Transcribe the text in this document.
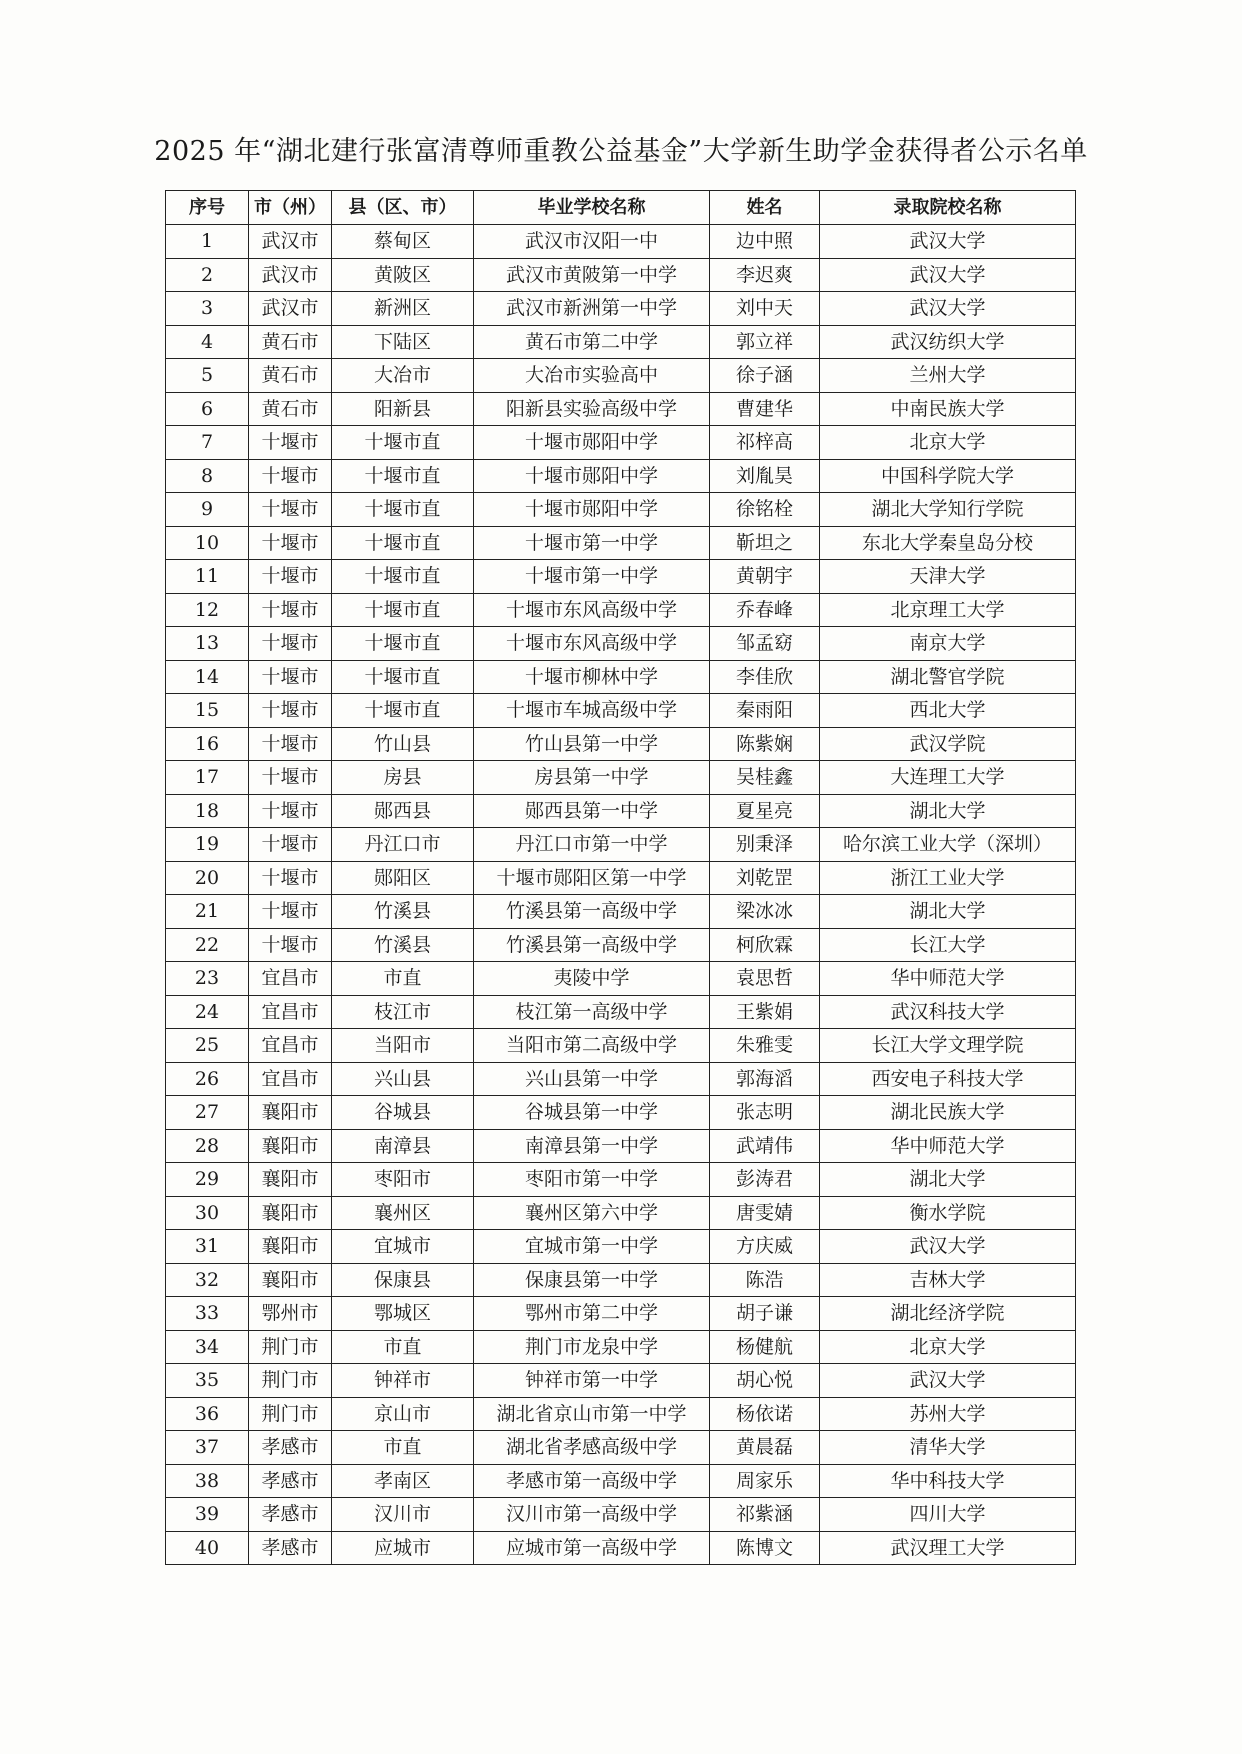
2025 年“湖北建行张富清尊师重教公益基金”大学新生助学金获得者公示名单
序号	市（州）	县（区、市）	毕业学校名称	姓名	录取院校名称
1	武汉市	蔡甸区	武汉市汉阳一中	边中照	武汉大学
2	武汉市	黄陂区	武汉市黄陂第一中学	李迟爽	武汉大学
3	武汉市	新洲区	武汉市新洲第一中学	刘中天	武汉大学
4	黄石市	下陆区	黄石市第二中学	郭立祥	武汉纺织大学
5	黄石市	大冶市	大冶市实验高中	徐子涵	兰州大学
6	黄石市	阳新县	阳新县实验高级中学	曹建华	中南民族大学
7	十堰市	十堰市直	十堰市郧阳中学	祁梓高	北京大学
8	十堰市	十堰市直	十堰市郧阳中学	刘胤昊	中国科学院大学
9	十堰市	十堰市直	十堰市郧阳中学	徐铭栓	湖北大学知行学院
10	十堰市	十堰市直	十堰市第一中学	靳坦之	东北大学秦皇岛分校
11	十堰市	十堰市直	十堰市第一中学	黄朝宇	天津大学
12	十堰市	十堰市直	十堰市东风高级中学	乔春峰	北京理工大学
13	十堰市	十堰市直	十堰市东风高级中学	邹孟窈	南京大学
14	十堰市	十堰市直	十堰市柳林中学	李佳欣	湖北警官学院
15	十堰市	十堰市直	十堰市车城高级中学	秦雨阳	西北大学
16	十堰市	竹山县	竹山县第一中学	陈紫娴	武汉学院
17	十堰市	房县	房县第一中学	吴桂鑫	大连理工大学
18	十堰市	郧西县	郧西县第一中学	夏星亮	湖北大学
19	十堰市	丹江口市	丹江口市第一中学	别秉泽	哈尔滨工业大学（深圳）
20	十堰市	郧阳区	十堰市郧阳区第一中学	刘乾罡	浙江工业大学
21	十堰市	竹溪县	竹溪县第一高级中学	梁冰冰	湖北大学
22	十堰市	竹溪县	竹溪县第一高级中学	柯欣霖	长江大学
23	宜昌市	市直	夷陵中学	袁思哲	华中师范大学
24	宜昌市	枝江市	枝江第一高级中学	王紫娟	武汉科技大学
25	宜昌市	当阳市	当阳市第二高级中学	朱雅雯	长江大学文理学院
26	宜昌市	兴山县	兴山县第一中学	郭海滔	西安电子科技大学
27	襄阳市	谷城县	谷城县第一中学	张志明	湖北民族大学
28	襄阳市	南漳县	南漳县第一中学	武靖伟	华中师范大学
29	襄阳市	枣阳市	枣阳市第一中学	彭涛君	湖北大学
30	襄阳市	襄州区	襄州区第六中学	唐雯婧	衡水学院
31	襄阳市	宜城市	宜城市第一中学	方庆威	武汉大学
32	襄阳市	保康县	保康县第一中学	陈浩	吉林大学
33	鄂州市	鄂城区	鄂州市第二中学	胡子谦	湖北经济学院
34	荆门市	市直	荆门市龙泉中学	杨健航	北京大学
35	荆门市	钟祥市	钟祥市第一中学	胡心悦	武汉大学
36	荆门市	京山市	湖北省京山市第一中学	杨依诺	苏州大学
37	孝感市	市直	湖北省孝感高级中学	黄晨磊	清华大学
38	孝感市	孝南区	孝感市第一高级中学	周家乐	华中科技大学
39	孝感市	汉川市	汉川市第一高级中学	祁紫涵	四川大学
40	孝感市	应城市	应城市第一高级中学	陈博文	武汉理工大学
